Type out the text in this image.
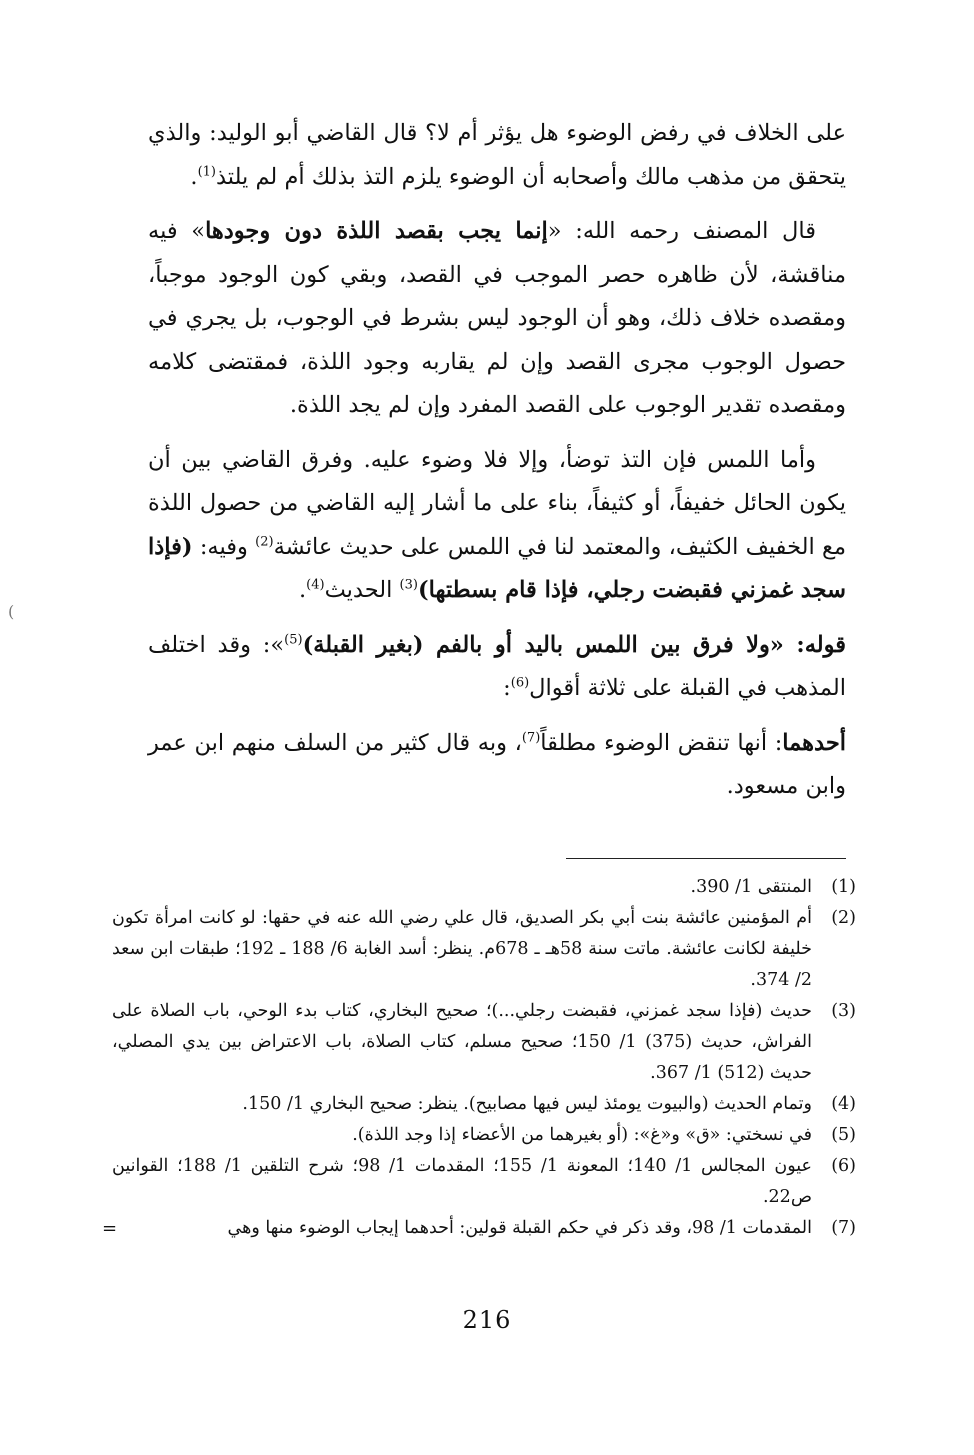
على الخلاف في رفض الوضوء هل يؤثر أم لا؟ قال القاضي أبو الوليد: والذي يتحقق من مذهب مالك وأصحابه أن الوضوء يلزم التذ بذلك أم لم يلتذ$^{(1)}$.

قال المصنف رحمه الله: «إنما يجب بقصد اللذة دون وجودها» فيه مناقشة، لأن ظاهره حصر الموجب في القصد، وبقي كون الوجود موجباً، ومقصده خلاف ذلك، وهو أن الوجود ليس بشرط في الوجوب، بل يجري في حصول الوجوب مجرى القصد وإن لم يقاربه وجود اللذة، فمقتضى كلامه ومقصده تقدير الوجوب على القصد المفرد وإن لم يجد اللذة.

وأما اللمس فإن التذ توضأ، وإلا فلا وضوء عليه. وفرق القاضي بين أن يكون الحائل خفيفاً، أو كثيفاً، بناء على ما أشار إليه القاضي من حصول اللذة مع الخفيف الكثيف، والمعتمد لنا في اللمس على حديث عائشة$^{(2)}$ وفيه: (فإذا سجد غمزني فقبضت رجلي، فإذا قام بسطتها)$^{(3)}$ الحديث$^{(4)}$.

قوله: «ولا فرق بين اللمس باليد أو بالفم (بغير القبلة)$^{(5)}$»: وقد اختلف المذهب في القبلة على ثلاثة أقوال$^{(6)}$:

أحدهما: أنها تنقض الوضوء مطلقاً$^{(7)}$، وبه قال كثير من السلف منهم ابن عمر وابن مسعود.

(1)
المنتقى 1/ 390.
(2)
أم المؤمنين عائشة بنت أبي بكر الصديق، قال علي رضي الله عنه في حقها: لو كانت امرأة تكون خليفة لكانت عائشة. ماتت سنة 58هـ ـ 678م. ينظر: أسد الغابة 6/ 188 ـ 192؛ طبقات ابن سعد 2/ 374.
(3)
حديث (فإذا سجد غمزني، فقبضت رجلي...)؛ صحيح البخاري، كتاب بدء الوحي، باب الصلاة على الفراش، حديث (375) 1/ 150؛ صحيح مسلم، كتاب الصلاة، باب الاعتراض بين يدي المصلي، حديث (512) 1/ 367.
(4)
وتمام الحديث (والبيوت يومئذ ليس فيها مصابيح). ينظر: صحيح البخاري 1/ 150.
(5)
في نسختي: «ق» و«غ»: (أو بغيرهما من الأعضاء إذا وجد اللذة).
(6)
عيون المجالس 1/ 140؛ المعونة 1/ 155؛ المقدمات 1/ 98؛ شرح التلقين 1/ 188؛ القوانين ص22.
(7)
المقدمات 1/ 98، وقد ذكر في حكم القبلة قولين: أحدهما إيجاب الوضوء منها وهي
=
216
(
